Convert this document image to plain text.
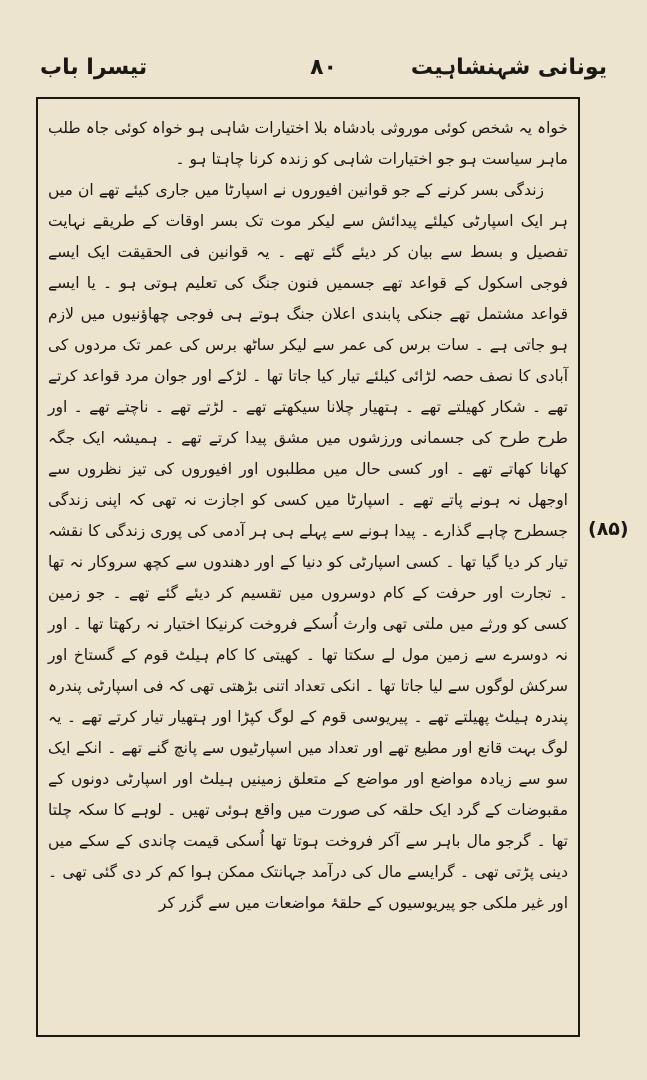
یونانی شہنشاہیت
۸۰
تیسرا باب

خواہ یہ شخص کوئی موروثی بادشاہ بلا اختیارات شاہی ہو خواہ کوئی جاہ طلب ماہر سیاست ہو جو اختیارات شاہی کو زندہ کرنا چاہتا ہو ۔

زندگی بسر کرنے کے جو قوانین افیوروں نے اسپارٹا میں جاری کیئے تھے ان میں ہر ایک اسپارٹی کیلئے پیدائش سے لیکر موت تک بسر اوقات کے طریقے نہایت تفصیل و بسط سے بیان کر دیئے گئے تھے ۔ یہ قوانین فی الحقیقت ایک ایسے فوجی اسکول کے قواعد تھے جسمیں فنون جنگ کی تعلیم ہوتی ہو ۔ یا ایسے قواعد مشتمل تھے جنکی پابندی اعلان جنگ ہوتے ہی فوجی چھاؤنیوں میں لازم ہو جاتی ہے ۔ سات برس کی عمر سے لیکر ساٹھ برس کی عمر تک مردوں کی آبادی کا نصف حصہ لڑائی کیلئے تیار کیا جاتا تھا ۔ لڑکے اور جوان مرد قواعد کرتے تھے ۔ شکار کھیلتے تھے ۔ ہتھیار چلانا سیکھتے تھے ۔ لڑتے تھے ۔ ناچتے تھے ۔ اور طرح طرح کی جسمانی ورزشوں میں مشق پیدا کرتے تھے ۔ ہمیشہ ایک جگہ کھانا کھاتے تھے ۔ اور کسی حال میں مطلبوں اور افیوروں کی تیز نظروں سے اوجھل نہ ہونے پاتے تھے ۔ اسپارٹا میں کسی کو اجازت نہ تھی کہ اپنی زندگی جسطرح چاہے گذارے ۔ پیدا ہونے سے پہلے ہی ہر آدمی کی پوری زندگی کا نقشہ تیار کر دیا گیا تھا ۔ کسی اسپارٹی کو دنیا کے اور دھندوں سے کچھ سروکار نہ تھا ۔ تجارت اور حرفت کے کام دوسروں میں تقسیم کر دیئے گئے تھے ۔ جو زمین کسی کو ورثے میں ملتی تھی وارث اُسکے فروخت کرنیکا اختیار نہ رکھتا تھا ۔ اور نہ دوسرے سے زمین مول لے سکتا تھا ۔ کھیتی کا کام ہیلٹ قوم کے گستاخ اور سرکش لوگوں سے لیا جاتا تھا ۔ انکی تعداد اتنی بڑھتی تھی کہ فی اسپارٹی پندرہ پندرہ ہیلٹ پھیلتے تھے ۔ پیریوسی قوم کے لوگ کپڑا اور ہتھیار تیار کرتے تھے ۔ یہ لوگ بہت قانع اور مطیع تھے اور تعداد میں اسپارٹیوں سے پانچ گنے تھے ۔ انکے ایک سو سے زیادہ مواضع اور مواضع کے متعلق زمینیں ہیلٹ اور اسپارٹی دونوں کے مقبوضات کے گرد ایک حلقہ کی صورت میں واقع ہوئی تھیں ۔ لوہے کا سکہ چلتا تھا ۔ گرجو مال باہر سے آکر فروخت ہوتا تھا اُسکی قیمت چاندی کے سکے میں دینی پڑتی تھی ۔ گرایسے مال کی درآمد جہانتک ممکن ہوا کم کر دی گئی تھی ۔ اور غیر ملکی جو پیریوسیوں کے حلقۂ مواضعات میں سے گزر کر

(۸۵)
